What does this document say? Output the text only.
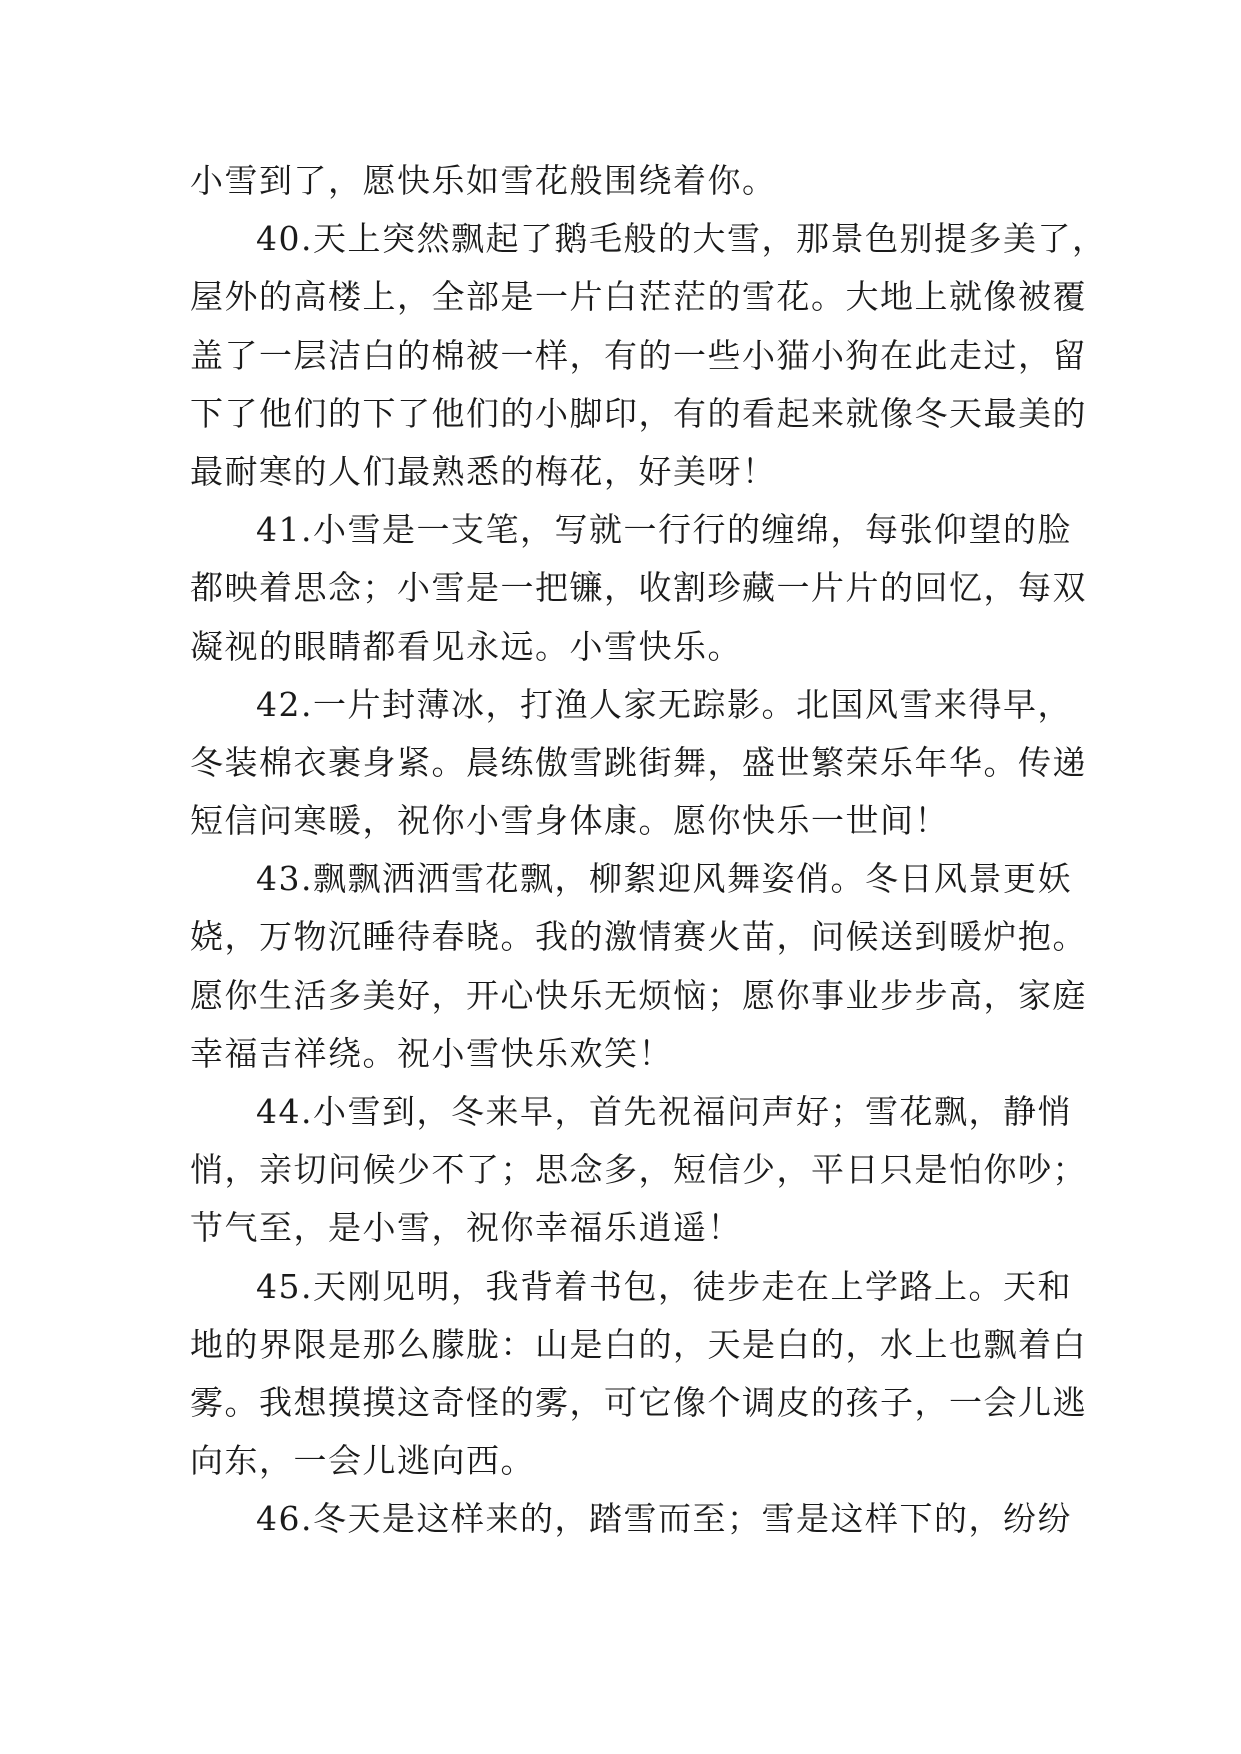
小雪到了，愿快乐如雪花般围绕着你。
40.天上突然飘起了鹅毛般的大雪，那景色别提多美了，
屋外的高楼上，全部是一片白茫茫的雪花。大地上就像被覆
盖了一层洁白的棉被一样，有的一些小猫小狗在此走过，留
下了他们的下了他们的小脚印，有的看起来就像冬天最美的
最耐寒的人们最熟悉的梅花，好美呀！
41.小雪是一支笔，写就一行行的缠绵，每张仰望的脸
都映着思念；小雪是一把镰，收割珍藏一片片的回忆，每双
凝视的眼睛都看见永远。小雪快乐。
42.一片封薄冰，打渔人家无踪影。北国风雪来得早，
冬装棉衣裹身紧。晨练傲雪跳街舞，盛世繁荣乐年华。传递
短信问寒暖，祝你小雪身体康。愿你快乐一世间！
43.飘飘洒洒雪花飘，柳絮迎风舞姿俏。冬日风景更妖
娆，万物沉睡待春晓。我的激情赛火苗，问候送到暖炉抱。
愿你生活多美好，开心快乐无烦恼；愿你事业步步高，家庭
幸福吉祥绕。祝小雪快乐欢笑！
44.小雪到，冬来早，首先祝福问声好；雪花飘，静悄
悄，亲切问候少不了；思念多，短信少，平日只是怕你吵；
节气至，是小雪，祝你幸福乐逍遥！
45.天刚见明，我背着书包，徒步走在上学路上。天和
地的界限是那么朦胧：山是白的，天是白的，水上也飘着白
雾。我想摸摸这奇怪的雾，可它像个调皮的孩子，一会儿逃
向东，一会儿逃向西。
46.冬天是这样来的，踏雪而至；雪是这样下的，纷纷
